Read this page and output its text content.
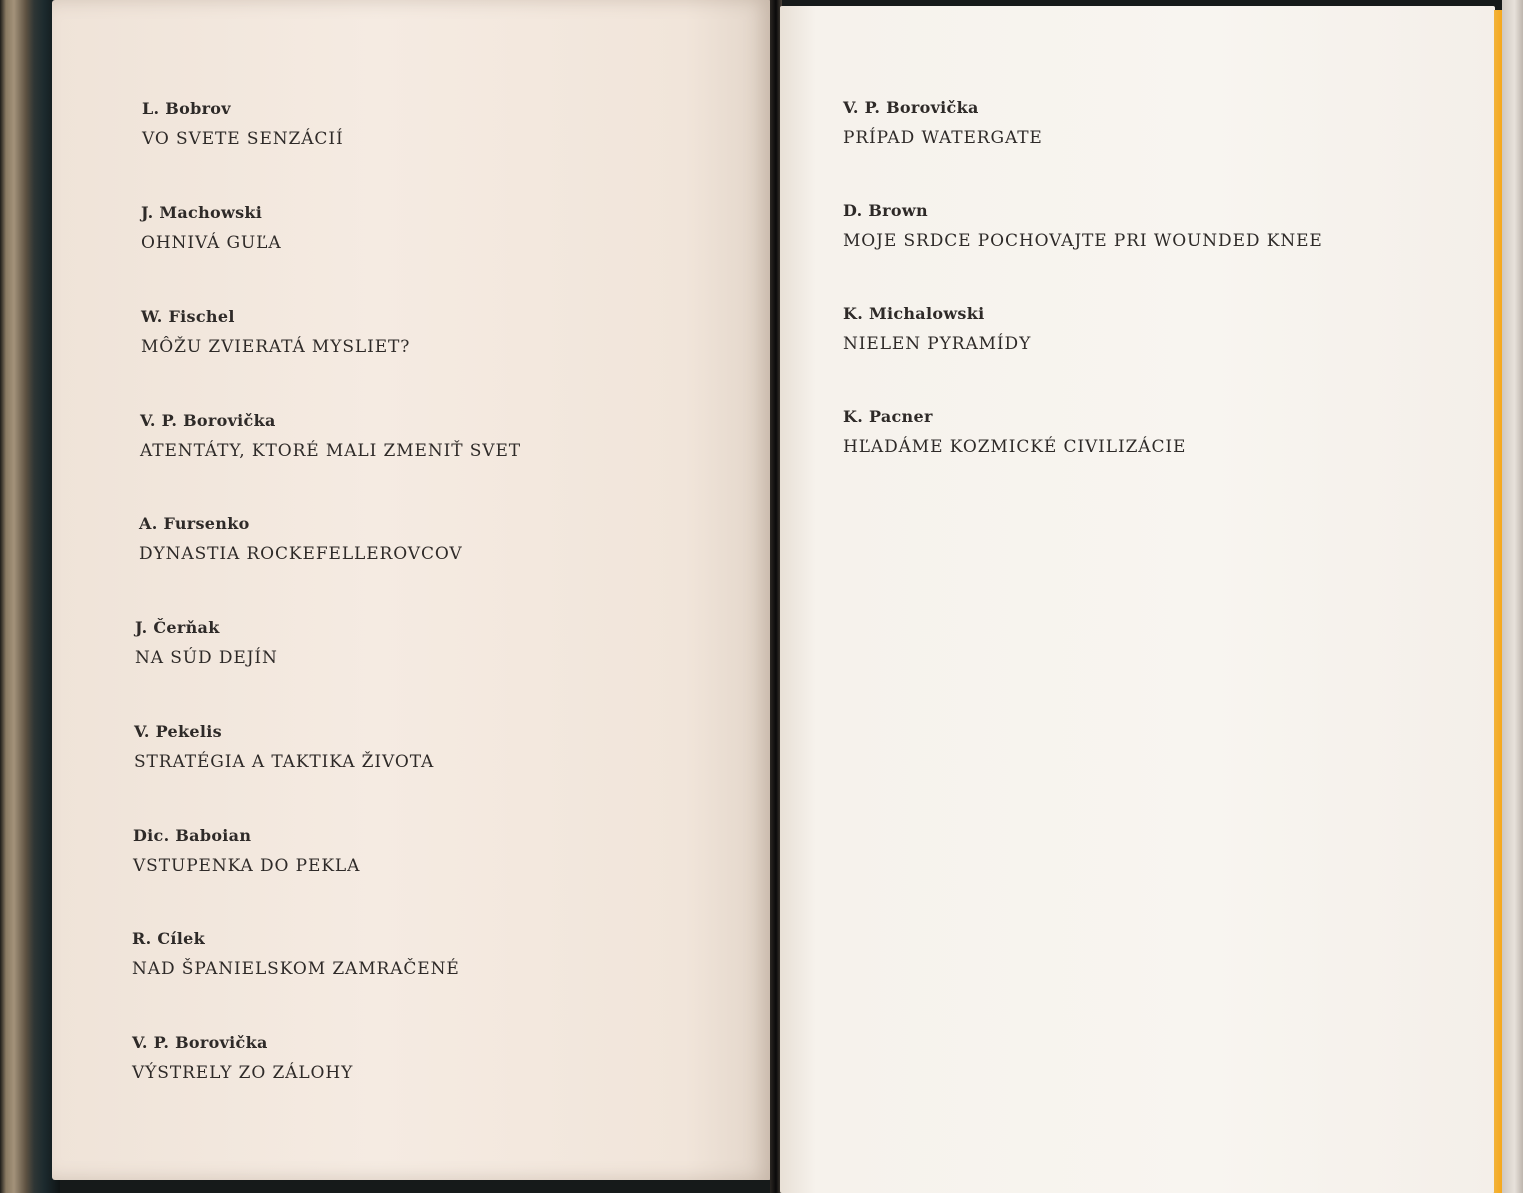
L. Bobrov
VO SVETE SENZÁCIÍ
J. Machowski
OHNIVÁ GUĽA
W. Fischel
MÔŽU ZVIERATÁ MYSLIET?
V. P. Borovička
ATENTÁTY, KTORÉ MALI ZMENIŤ SVET
A. Fursenko
DYNASTIA ROCKEFELLEROVCOV
J. Čerňak
NA SÚD DEJÍN
V. Pekelis
STRATÉGIA A TAKTIKA ŽIVOTA
Dic. Baboian
VSTUPENKA DO PEKLA
R. Cílek
NAD ŠPANIELSKOM ZAMRAČENÉ
V. P. Borovička
VÝSTRELY ZO ZÁLOHY
V. P. Borovička
PRÍPAD WATERGATE
D. Brown
MOJE SRDCE POCHOVAJTE PRI WOUNDED KNEE
K. Michalowski
NIELEN PYRAMÍDY
K. Pacner
HĽADÁME KOZMICKÉ CIVILIZÁCIE
